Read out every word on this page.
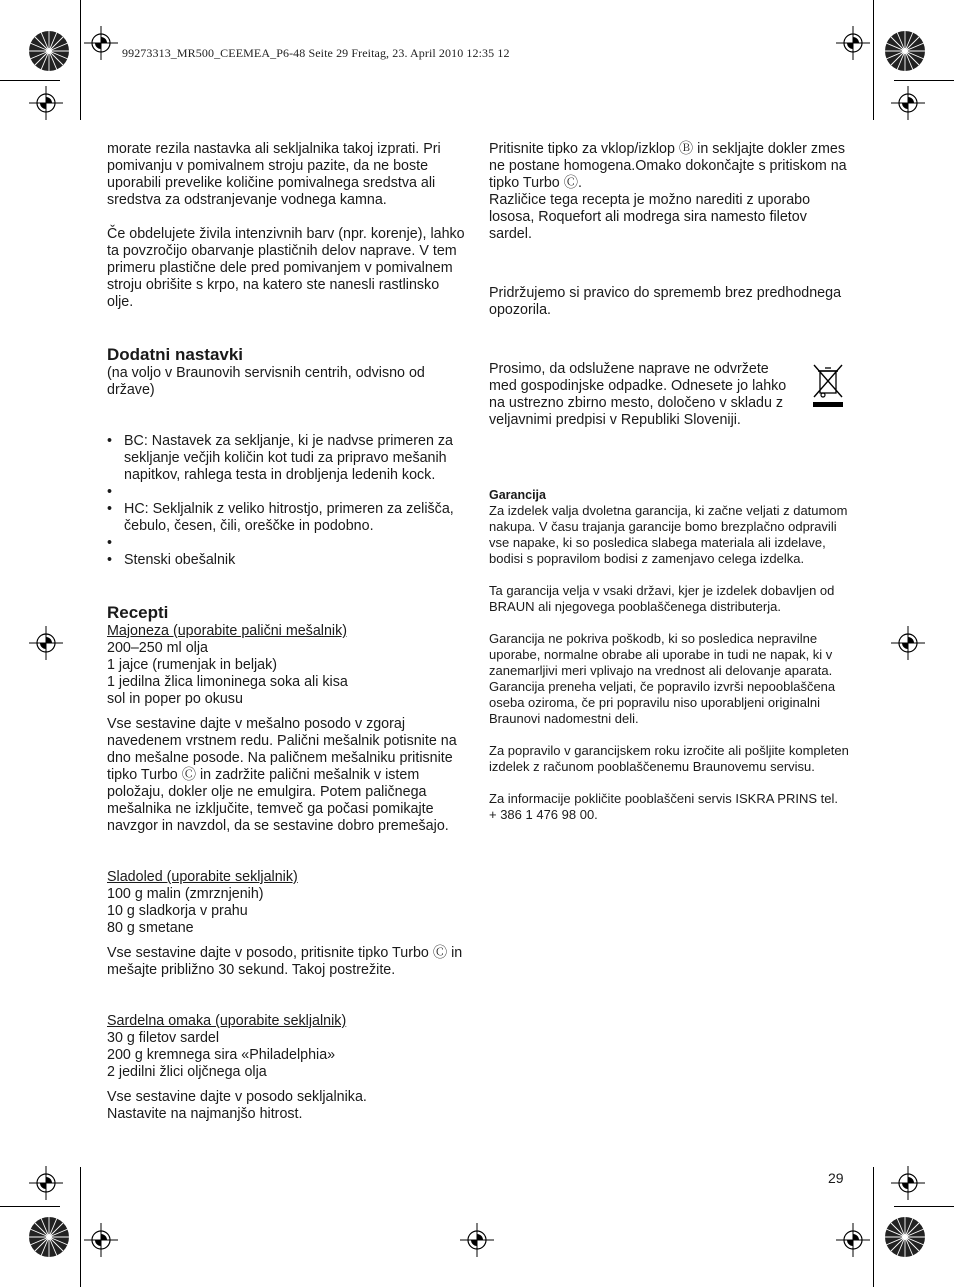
99273313_MR500_CEEMEA_P6-48 Seite 29 Freitag, 23. April 2010 12:35 12

morate rezila nastavka ali sekljalnika takoj izprati. Pri pomivanju v pomivalnem stroju pazite, da ne boste uporabili prevelike količine pomivalnega sredstva ali sredstva za odstranjevanje vodnega kamna.

Če obdelujete živila intenzivnih barv (npr. korenje), lahko ta povzročijo obarvanje plastičnih delov naprave. V tem primeru plastične dele pred pomivanjem v pomivalnem stroju obrišite s krpo, na katero ste nanesli rastlinsko olje.

Dodatni nastavki

(na voljo v Braunovih servisnih centrih, odvisno od države)

• BC: Nastavek za sekljanje, ki je nadvse primeren za sekljanje večjih količin kot tudi za pripravo mešanih napitkov, rahlega testa in drobljenja ledenih kock.
•
• HC: Sekljalnik z veliko hitrostjo, primeren za zelišča, čebulo, česen, čili, oreščke in podobno.
•
• Stenski obešalnik
Recepti

Majoneza (uporabite palični mešalnik)

200–250 ml olja

1 jajce (rumenjak in beljak)

1 jedilna žlica limoninega soka ali kisa

sol in poper po okusu

Vse sestavine dajte v mešalno posodo v zgoraj navedenem vrstnem redu. Palični mešalnik potisnite na dno mešalne posode. Na paličnem mešalniku pritisnite tipko Turbo Ⓒ in zadržite palični mešalnik v istem položaju, dokler olje ne emulgira. Potem paličnega mešalnika ne izključite, temveč ga počasi pomikajte navzgor in navzdol, da se sestavine dobro premešajo.

Sladoled (uporabite sekljalnik)

100 g malin (zmrznjenih)

10 g sladkorja v prahu

80 g smetane

Vse sestavine dajte v posodo, pritisnite tipko Turbo Ⓒ in mešajte približno 30 sekund. Takoj postrežite.

Sardelna omaka (uporabite sekljalnik)

30 g filetov sardel

200 g kremnega sira «Philadelphia»

2 jedilni žlici oljčnega olja

Vse sestavine dajte v posodo sekljalnika.

Nastavite na najmanjšo hitrost.

Pritisnite tipko za vklop/izklop Ⓑ in sekljajte dokler zmes ne postane homogena.Omako dokončajte s pritiskom na tipko Turbo Ⓒ.

Različice tega recepta je možno narediti z uporabo lososa, Roquefort ali modrega sira namesto filetov sardel.

Pridržujemo si pravico do sprememb brez predhodnega opozorila.

Prosimo, da odslužene naprave ne odvržete med gospodinjske odpadke. Odnesete jo lahko na ustrezno zbirno mesto, določeno v skladu z veljavnimi predpisi v Republiki Sloveniji.

Garancija

Za izdelek valja dvoletna garancija, ki začne veljati z datumom nakupa. V času trajanja garancije bomo brezplačno odpravili vse napake, ki so posledica slabega materiala ali izdelave, bodisi s popravilom bodisi z zamenjavo celega izdelka.

Ta garancija velja v vsaki državi, kjer je izdelek dobavljen od BRAUN ali njegovega pooblaščenega distributerja.

Garancija ne pokriva poškodb, ki so posledica nepravilne uporabe, normalne obrabe ali uporabe in tudi ne napak, ki v zanemarljivi meri vplivajo na vrednost ali delovanje aparata. Garancija preneha veljati, če popravilo izvrši nepooblaščena oseba oziroma, če pri popravilu niso uporabljeni originalni Braunovi nadomestni deli.

Za popravilo v garancijskem roku izročite ali pošljite kompleten izdelek z računom pooblaščenemu Braunovemu servisu.

Za informacije pokličite pooblaščeni servis ISKRA PRINS tel. + 386 1 476 98 00.

29
